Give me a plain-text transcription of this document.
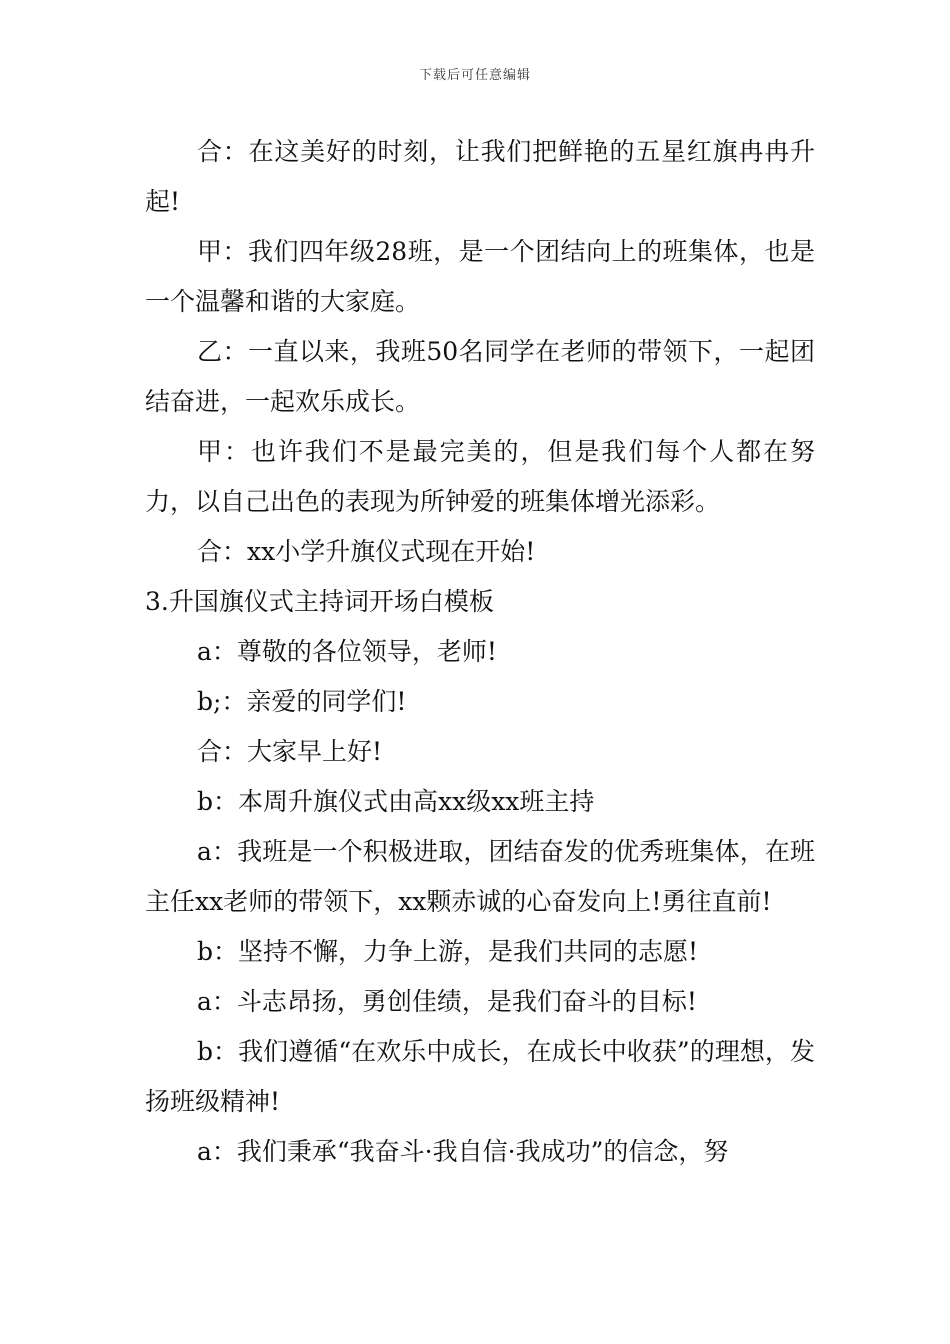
下载后可任意编辑

合：在这美好的时刻，让我们把鲜艳的五星红旗冉冉升起!

甲：我们四年级28班，是一个团结向上的班集体，也是一个温馨和谐的大家庭。

乙：一直以来，我班50名同学在老师的带领下，一起团结奋进，一起欢乐成长。

甲：也许我们不是最完美的，但是我们每个人都在努力，以自己出色的表现为所钟爱的班集体增光添彩。

合：xx小学升旗仪式现在开始!

3.升国旗仪式主持词开场白模板

a：尊敬的各位领导，老师!

b;：亲爱的同学们!

合：大家早上好!

b：本周升旗仪式由高xx级xx班主持

a：我班是一个积极进取，团结奋发的优秀班集体，在班主任xx老师的带领下，xx颗赤诚的心奋发向上!勇往直前!

b：坚持不懈，力争上游，是我们共同的志愿!

a：斗志昂扬，勇创佳绩，是我们奋斗的目标!

b：我们遵循“在欢乐中成长，在成长中收获”的理想，发扬班级精神!

a：我们秉承“我奋斗·我自信·我成功”的信念，努
